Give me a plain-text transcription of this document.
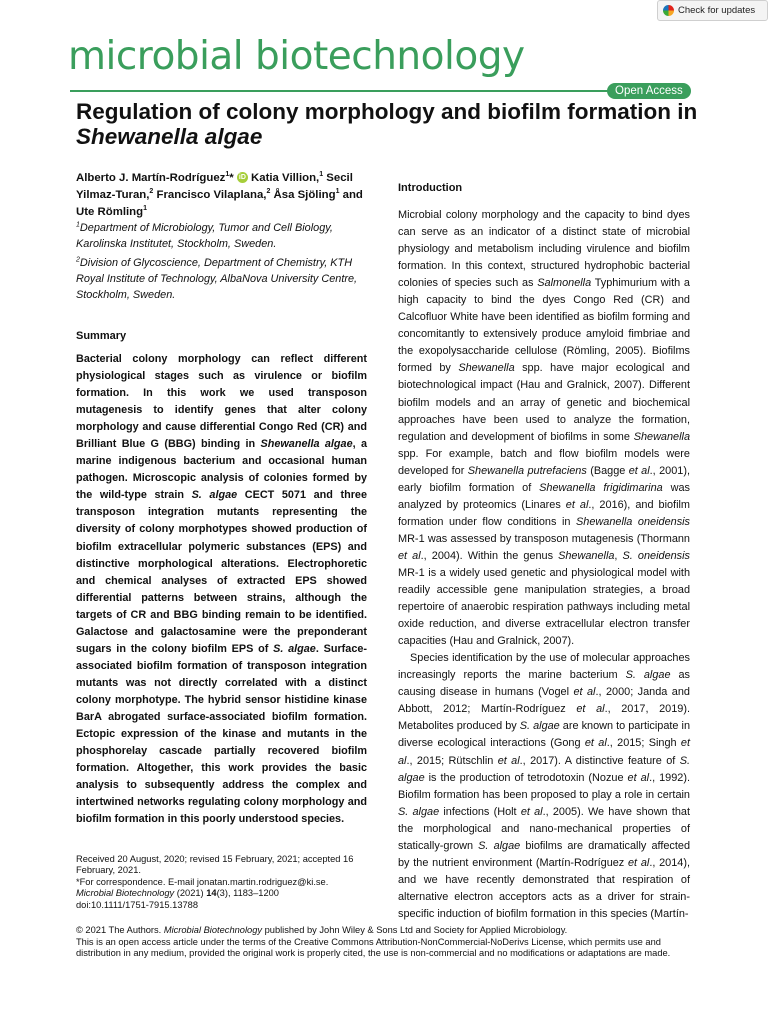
Check for updates
microbial biotechnology
Open Access
Regulation of colony morphology and biofilm formation in Shewanella algae
Alberto J. Martín-Rodríguez$^1$* iD Katia Villion,$^1$ Secil Yilmaz-Turan,$^2$ Francisco Vilaplana,$^2$ Åsa Sjöling$^1$ and Ute Römling$^1$

$^1$Department of Microbiology, Tumor and Cell Biology, Karolinska Institutet, Stockholm, Sweden.

$^2$Division of Glycoscience, Department of Chemistry, KTH Royal Institute of Technology, AlbaNova University Centre, Stockholm, Sweden.

Summary
Bacterial colony morphology can reflect different physiological stages such as virulence or biofilm formation. In this work we used transposon mutagenesis to identify genes that alter colony morphology and cause differential Congo Red (CR) and Brilliant Blue G (BBG) binding in Shewanella algae, a marine indigenous bacterium and occasional human pathogen. Microscopic analysis of colonies formed by the wild-type strain S. algae CECT 5071 and three transposon integration mutants representing the diversity of colony morphotypes showed production of biofilm extracellular polymeric substances (EPS) and distinctive morphological alterations. Electrophoretic and chemical analyses of extracted EPS showed differential patterns between strains, although the targets of CR and BBG binding remain to be identified. Galactose and galactosamine were the preponderant sugars in the colony biofilm EPS of S. algae. Surface-associated biofilm formation of transposon integration mutants was not directly correlated with a distinct colony morphotype. The hybrid sensor histidine kinase BarA abrogated surface-associated biofilm formation. Ectopic expression of the kinase and mutants in the phosphorelay cascade partially recovered biofilm formation. Altogether, this work provides the basic analysis to subsequently address the complex and intertwined networks regulating colony morphology and biofilm formation in this poorly understood species.
Received 20 August, 2020; revised 15 February, 2021; accepted 16 February, 2021.
*For correspondence. E-mail jonatan.martin.rodriguez@ki.se.
Microbial Biotechnology (2021) 14(3), 1183–1200
doi:10.1111/1751-7915.13788
Introduction

Microbial colony morphology and the capacity to bind dyes can serve as an indicator of a distinct state of microbial physiology and metabolism including virulence and biofilm formation. In this context, structured hydrophobic bacterial colonies of species such as Salmonella Typhimurium with a high capacity to bind the dyes Congo Red (CR) and Calcofluor White have been identified as biofilm forming and concomitantly to extensively produce amyloid fimbriae and the exopolysaccharide cellulose (Römling, 2005). Biofilms formed by Shewanella spp. have major ecological and biotechnological impact (Hau and Gralnick, 2007). Different biofilm models and an array of genetic and biochemical approaches have been used to analyze the formation, regulation and development of biofilms in some Shewanella spp. For example, batch and flow biofilm models were developed for Shewanella putrefaciens (Bagge et al., 2001), early biofilm formation of Shewanella frigidimarina was analyzed by proteomics (Linares et al., 2016), and biofilm formation under flow conditions in Shewanella oneidensis MR-1 was assessed by transposon mutagenesis (Thormann et al., 2004). Within the genus Shewanella, S. oneidensis MR-1 is a widely used genetic and physiological model with readily accessible gene manipulation strategies, a broad repertoire of anaerobic respiration pathways including metal oxide reduction, and diverse extracellular electron transfer capacities (Hau and Gralnick, 2007).

Species identification by the use of molecular approaches increasingly reports the marine bacterium S. algae as causing disease in humans (Vogel et al., 2000; Janda and Abbott, 2012; Martín-Rodríguez et al., 2017, 2019). Metabolites produced by S. algae are known to participate in diverse ecological interactions (Gong et al., 2015; Singh et al., 2015; Rütschlin et al., 2017). A distinctive feature of S. algae is the production of tetrodotoxin (Nozue et al., 1992). Biofilm formation has been proposed to play a role in certain S. algae infections (Holt et al., 2005). We have shown that the morphological and nano-mechanical properties of statically-grown S. algae biofilms are dramatically affected by the nutrient environment (Martín-Rodríguez et al., 2014), and we have recently demonstrated that respiration of alternative electron acceptors acts as a driver for strain-specific induction of biofilm formation in this species (Martín-

© 2021 The Authors. Microbial Biotechnology published by John Wiley & Sons Ltd and Society for Applied Microbiology.

This is an open access article under the terms of the Creative Commons Attribution-NonCommercial-NoDerivs License, which permits use and distribution in any medium, provided the original work is properly cited, the use is non-commercial and no modifications or adaptations are made.
